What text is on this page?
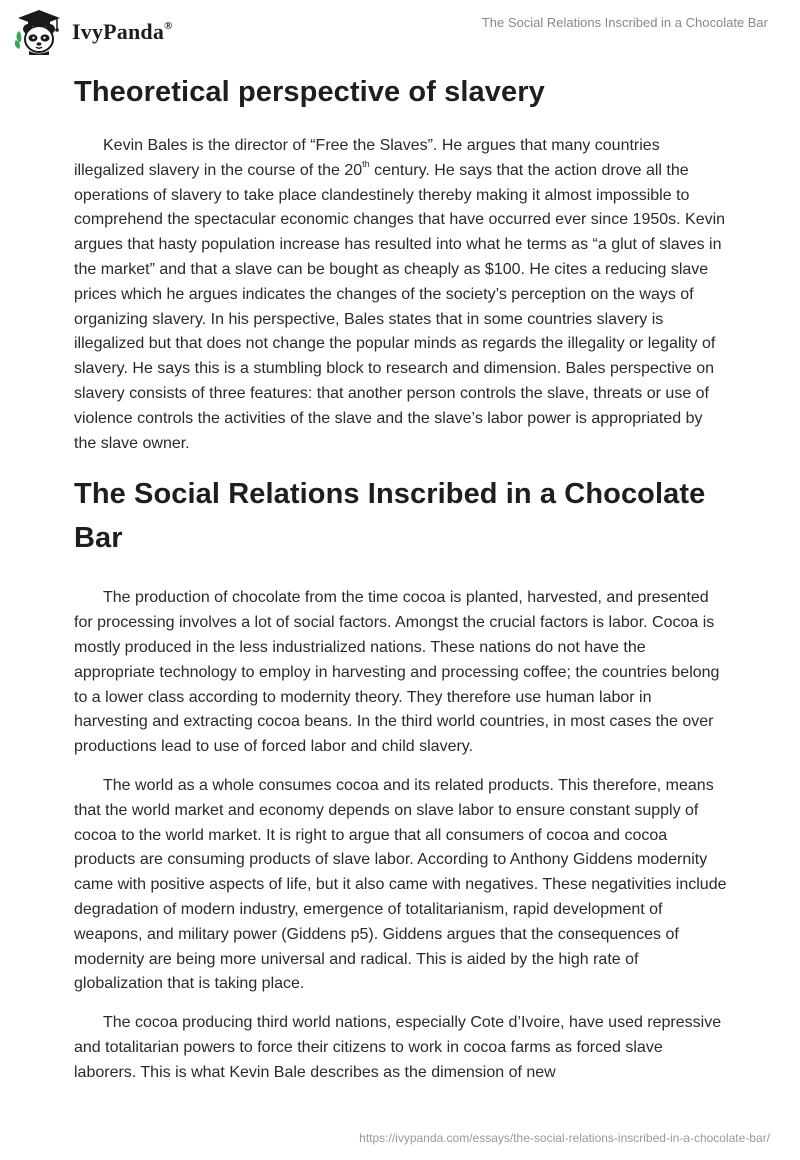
IvyPanda®	The Social Relations Inscribed in a Chocolate Bar
Theoretical perspective of slavery

Kevin Bales is the director of “Free the Slaves”. He argues that many countries illegalized slavery in the course of the 20th century. He says that the action drove all the operations of slavery to take place clandestinely thereby making it almost impossible to comprehend the spectacular economic changes that have occurred ever since 1950s. Kevin argues that hasty population increase has resulted into what he terms as “a glut of slaves in the market” and that a slave can be bought as cheaply as $100. He cites a reducing slave prices which he argues indicates the changes of the society’s perception on the ways of organizing slavery. In his perspective, Bales states that in some countries slavery is illegalized but that does not change the popular minds as regards the illegality or legality of slavery. He says this is a stumbling block to research and dimension. Bales perspective on slavery consists of three features: that another person controls the slave, threats or use of violence controls the activities of the slave and the slave’s labor power is appropriated by the slave owner.

The Social Relations Inscribed in a Chocolate Bar

The production of chocolate from the time cocoa is planted, harvested, and presented for processing involves a lot of social factors. Amongst the crucial factors is labor. Cocoa is mostly produced in the less industrialized nations. These nations do not have the appropriate technology to employ in harvesting and processing coffee; the countries belong to a lower class according to modernity theory. They therefore use human labor in harvesting and extracting cocoa beans. In the third world countries, in most cases the over productions lead to use of forced labor and child slavery.

The world as a whole consumes cocoa and its related products. This therefore, means that the world market and economy depends on slave labor to ensure constant supply of cocoa to the world market. It is right to argue that all consumers of cocoa and cocoa products are consuming products of slave labor. According to Anthony Giddens modernity came with positive aspects of life, but it also came with negatives. These negativities include degradation of modern industry, emergence of totalitarianism, rapid development of weapons, and military power (Giddens p5). Giddens argues that the consequences of modernity are being more universal and radical. This is aided by the high rate of globalization that is taking place.

The cocoa producing third world nations, especially Cote d’Ivoire, have used repressive and totalitarian powers to force their citizens to work in cocoa farms as forced slave laborers. This is what Kevin Bale describes as the dimension of new

https://ivypanda.com/essays/the-social-relations-inscribed-in-a-chocolate-bar/
